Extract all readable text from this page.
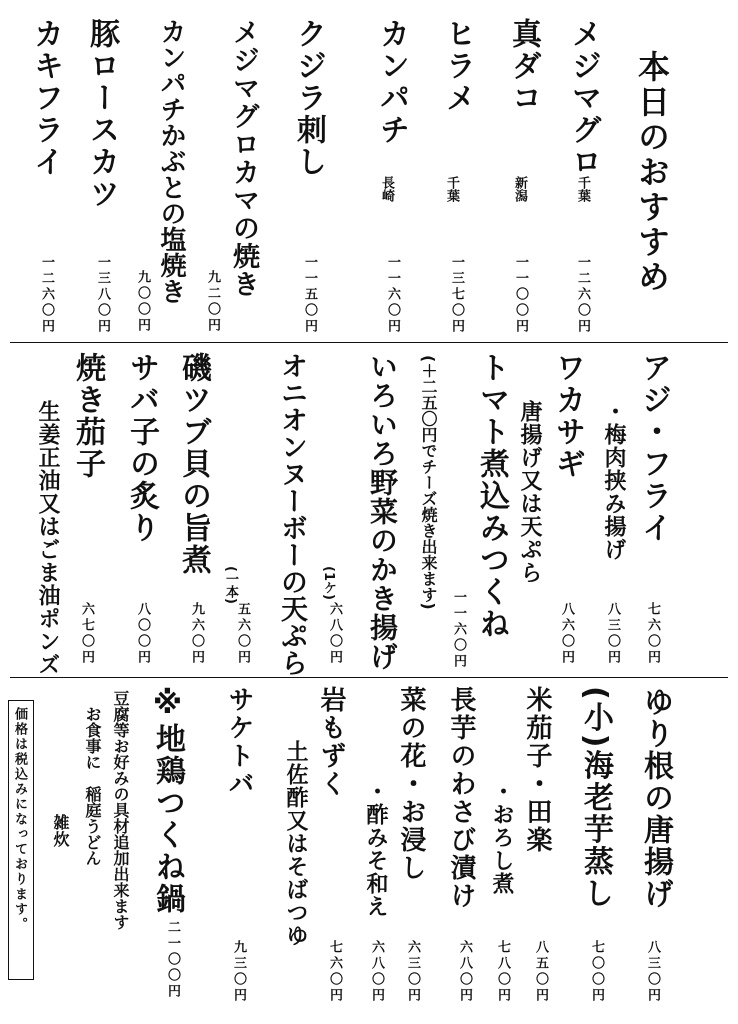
本日のおすすめ
メジマグロ
千葉
一二六〇円
真ダコ
新潟
一一〇〇円
ヒラメ
千葉
一三七〇円
カンパチ
長崎
一一六〇円
クジラ刺し
一一五〇円
メジマグロカマの焼き
九二〇円
カンパチかぶとの塩焼き
九〇〇円
豚ロースカツ
一三八〇円
カキフライ
一二六〇円
アジ・フライ
七六〇円
・梅肉挟み揚げ
八三〇円
ワカサギ
八六〇円
唐揚げ又は天ぷら
トマト煮込みつくね
一一六〇円
(＋二五〇円でチーズ焼き出来ます)
いろいろ野菜のかき揚げ
(1ケ)
六八〇円
オニオンヌーボーの天ぷら
(一本)
五六〇円
磯ツブ貝の旨煮
九六〇円
サバ子の炙り
八〇〇円
焼き茄子
六七〇円
生姜正油又はごま油ポンズ
ゆり根の唐揚げ
八三〇円
(小)海老芋蒸し
七〇〇円
米茄子・田楽
八五〇円
・おろし煮
七八〇円
長芋のわさび漬け
六八〇円
菜の花・お浸し
六三〇円
・酢みそ和え
六八〇円
岩もずく
七六〇円
土佐酢又はそばつゆ
サケトバ
九三〇円
※地鶏つくね鍋
二一〇〇円
豆腐等お好みの具材追加出来ます
お食事に　稲庭うどん
雑炊
価格は税込みになっております。
